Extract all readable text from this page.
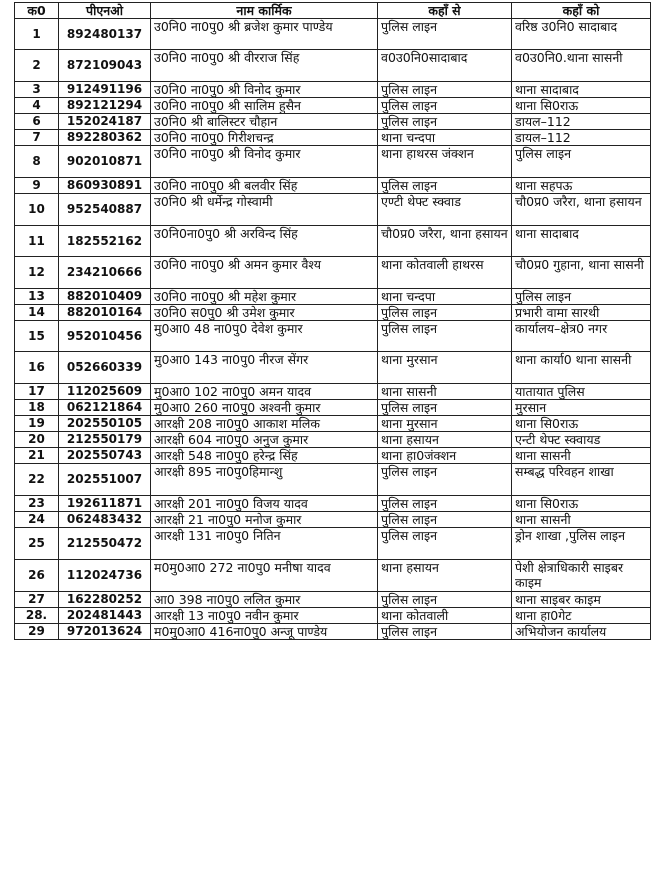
क0	पीएनओ	नाम कार्मिक	कहाँ से	कहाँ को
1	892480137	उ0नि0 ना0पु0 श्री ब्रजेश कुमार पाण्डेय	पुलिस लाइन	वरिष्ठ उ0नि0 सादाबाद
2	872109043	उ0नि0 ना0पु0 श्री वीरराज सिंह	व0उ0नि0सादाबाद	व0उ0नि0.थाना सासनी
3	912491196	उ0नि0 ना0पु0 श्री विनोद कुमार	पुलिस लाइन	थाना सादाबाद
4	892121294	उ0नि0 ना0पु0 श्री सालिम हुसैन	पुलिस लाइन	थाना सि0राऊ
6	152024187	उ0नि0 श्री बालिस्टर चौहान	पुलिस लाइन	डायल–112
7	892280362	उ0नि0 ना0पु0 गिरीशचन्द्र	थाना चन्दपा	डायल–112
8	902010871	उ0नि0 ना0पु0 श्री विनोद कुमार	थाना हाथरस जंक्शन	पुलिस लाइन
9	860930891	उ0नि0 ना0पु0 श्री बलवीर सिंह	पुलिस लाइन	थाना सहपऊ
10	952540887	उ0नि0 श्री धर्मेन्द्र गोस्वामी	एण्टी थेफ्ट स्क्वाड	चौ0प्र0 जरैरा, थाना हसायन
11	182552162	उ0नि0ना0पु0 श्री अरविन्द सिंह	चौ0प्र0 जरैरा, थाना हसायन	थाना सादाबाद
12	234210666	उ0नि0 ना0पु0 श्री अमन कुमार वैश्य	थाना कोतवाली हाथरस	चौ0प्र0 गुहाना, थाना सासनी
13	882010409	उ0नि0 ना0पु0 श्री महेश कुमार	थाना चन्दपा	पुलिस लाइन
14	882010164	उ0नि0 स0पु0 श्री उमेश कुमार	पुलिस लाइन	प्रभारी वामा सारथी
15	952010456	मु0आ0 48 ना0पु0 देवेश कुमार	पुलिस लाइन	कार्यालय–क्षेत्र0 नगर
16	052660339	मु0आ0 143 ना0पु0 नीरज सेंगर	थाना मुरसान	थाना कार्या0 थाना सासनी
17	112025609	मु0आ0 102 ना0पु0 अमन यादव	थाना सासनी	यातायात पुलिस
18	062121864	मु0आ0 260 ना0पु0 अश्वनी कुमार	पुलिस लाइन	मुरसान
19	202550105	आरक्षी 208 ना0पु0 आकाश मलिक	थाना मुरसान	थाना सि0राऊ
20	212550179	आरक्षी 604 ना0पु0 अनुज कुमार	थाना हसायन	एन्टी थेफ्ट स्क्वायड
21	202550743	आरक्षी 548 ना0पु0 हरेन्द्र सिंह	थाना हा0जंक्शन	थाना सासनी
22	202551007	आरक्षी 895 ना0पु0हिमान्शु	पुलिस लाइन	सम्बद्ध परिवहन शाखा
23	192611871	आरक्षी 201 ना0पु0 विजय यादव	पुलिस लाइन	थाना सि0राऊ
24	062483432	आरक्षी 21 ना0पु0 मनोज कुमार	पुलिस लाइन	थाना सासनी
25	212550472	आरक्षी 131 ना0पु0 नितिन	पुलिस लाइन	ड्रोन शाखा ,पुलिस लाइन
26	112024736	म0मु0आ0 272 ना0पु0 मनीषा यादव	थाना हसायन	पेशी क्षेत्राधिकारी साइबर काइम
27	162280252	आ0 398 ना0पु0 ललित कुमार	पुलिस लाइन	थाना साइबर काइम
28.	202481443	आरक्षी 13 ना0पु0 नवीन कुमार	थाना कोतवाली	थाना हा0गेट
29	972013624	म0मु0आ0 416ना0पु0 अन्जू पाण्डेय	पुलिस लाइन	अभियोजन कार्यालय
